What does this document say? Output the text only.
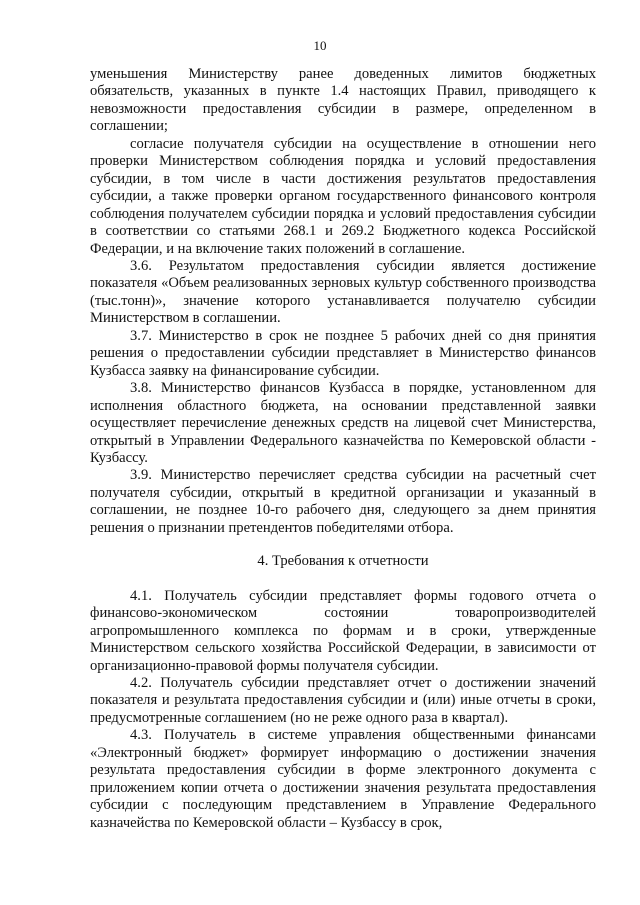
10

уменьшения Министерству ранее доведенных лимитов бюджетных обязательств, указанных в пункте 1.4 настоящих Правил, приводящего к невозможности предоставления субсидии в размере, определенном в соглашении;

согласие получателя субсидии на осуществление в отношении него проверки Министерством соблюдения порядка и условий предоставления субсидии, в том числе в части достижения результатов предоставления субсидии, а также проверки органом государственного финансового контроля соблюдения получателем субсидии порядка и условий предоставления субсидии в соответствии со статьями 268.1 и 269.2 Бюджетного кодекса Российской Федерации, и на включение таких положений в соглашение.

3.6. Результатом предоставления субсидии является достижение показателя «Объем реализованных зерновых культур собственного производства (тыс.тонн)», значение которого устанавливается получателю субсидии Министерством в соглашении.

3.7. Министерство в срок не позднее 5 рабочих дней со дня принятия решения о предоставлении субсидии представляет в Министерство финансов Кузбасса заявку на финансирование субсидии.

3.8. Министерство финансов Кузбасса в порядке, установленном для исполнения областного бюджета, на основании представленной заявки осуществляет перечисление денежных средств на лицевой счет Министерства, открытый в Управлении Федерального казначейства по Кемеровской области - Кузбассу.

3.9. Министерство перечисляет средства субсидии на расчетный счет получателя субсидии, открытый в кредитной организации и указанный в соглашении, не позднее 10-го рабочего дня, следующего за днем принятия решения о признании претендентов победителями отбора.

4. Требования к отчетности

4.1. Получатель субсидии представляет формы годового отчета о финансово-экономическом состоянии товаропроизводителей агропромышленного комплекса по формам и в сроки, утвержденные Министерством сельского хозяйства Российской Федерации, в зависимости от организационно-правовой формы получателя субсидии.

4.2. Получатель субсидии представляет отчет о достижении значений показателя и результата предоставления субсидии и (или) иные отчеты в сроки, предусмотренные соглашением (но не реже одного раза в квартал).

4.3. Получатель в системе управления общественными финансами «Электронный бюджет» формирует информацию о достижении значения результата предоставления субсидии в форме электронного документа с приложением копии отчета о достижении значения результата предоставления субсидии с последующим представлением в Управление Федерального казначейства по Кемеровской области – Кузбассу в срок,
